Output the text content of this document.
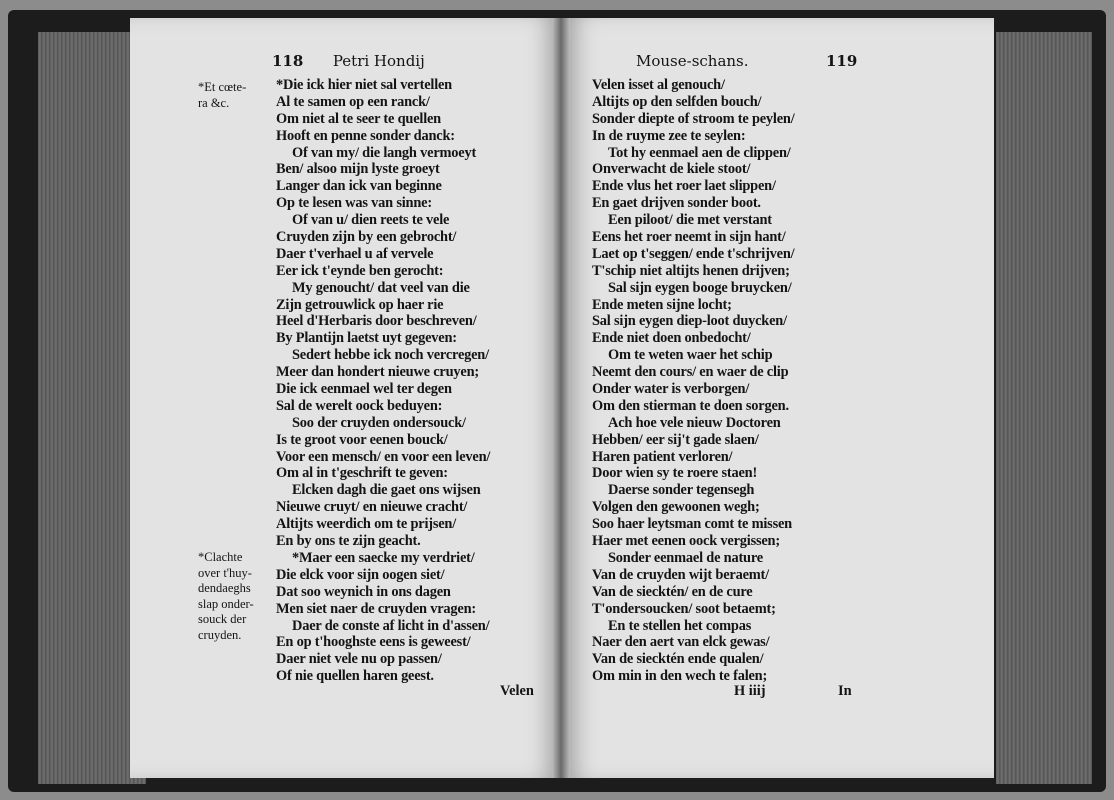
118 Petri Hondij	Mouse-schans.	119
*Et cœte-
ra &c.
*Clachte
over t'huy-
dendaeghs
slap onder-
souck der
cruyden.
*Die ick hier niet sal vertellen
Al te samen op een ranck/
Om niet al te seer te quellen
Hooft en penne sonder danck:
Of van my/ die langh vermoeyt
Ben/ alsoo mijn lyste groeyt
Langer dan ick van beginne
Op te lesen was van sinne:
Of van u/ dien reets te vele
Cruyden zijn by een gebrocht/
Daer t'verhael u af vervele
Eer ick t'eynde ben gerocht:
My genoucht/ dat veel van die
Zijn getrouwlick op haer rie
Heel d'Herbaris door beschreven/
By Plantijn laetst uyt gegeven:
Sedert hebbe ick noch vercregen/
Meer dan hondert nieuwe cruyen;
Die ick eenmael wel ter degen
Sal de werelt oock beduyen:
Soo der cruyden ondersouck/
Is te groot voor eenen bouck/
Voor een mensch/ en voor een leven/
Om al in t'geschrift te geven:
Elcken dagh die gaet ons wijsen
Nieuwe cruyt/ en nieuwe cracht/
Altijts weerdich om te prijsen/
En by ons te zijn geacht.
*Maer een saecke my verdriet/
Die elck voor sijn oogen siet/
Dat soo weynich in ons dagen
Men siet naer de cruyden vragen:
Daer de conste af licht in d'assen/
En op t'hooghste eens is geweest/
Daer niet vele nu op passen/
Of nie quellen haren geest.
Velen isset al genouch/
Altijts op den selfden bouch/
Sonder diepte of stroom te peylen/
In de ruyme zee te seylen:
Tot hy eenmael aen de clippen/
Onverwacht de kiele stoot/
Ende vlus het roer laet slippen/
En gaet drijven sonder boot.
Een piloot/ die met verstant
Eens het roer neemt in sijn hant/
Laet op t'seggen/ ende t'schrijven/
T'schip niet altijts henen drijven;
Sal sijn eygen booge bruycken/
Ende meten sijne locht;
Sal sijn eygen diep-loot duycken/
Ende niet doen onbedocht/
Om te weten waer het schip
Neemt den cours/ en waer de clip
Onder water is verborgen/
Om den stierman te doen sorgen.
Ach hoe vele nieuw Doctoren
Hebben/ eer sij't gade slaen/
Haren patient verloren/
Door wien sy te roere staen!
Daerse sonder tegensegh
Volgen den gewoonen wegh;
Soo haer leytsman comt te missen
Haer met eenen oock vergissen;
Sonder eenmael de nature
Van de cruyden wijt beraemt/
Van de siecktén/ en de cure
T'ondersoucken/ soot betaemt;
En te stellen het compas
Naer den aert van elck gewas/
Van de siecktén ende qualen/
Om min in den wech te falen;
Velen	H iiij	In
